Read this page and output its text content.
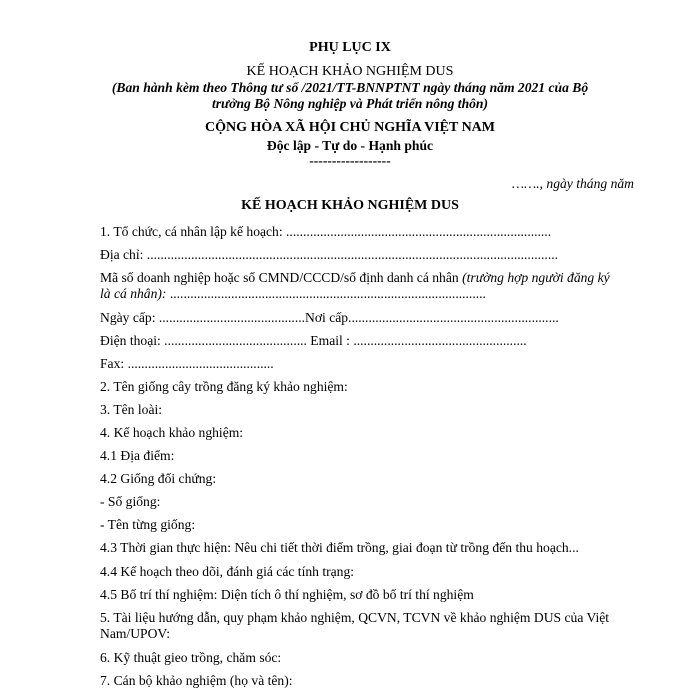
PHỤ LỤC IX
KẾ HOẠCH KHẢO NGHIỆM DUS
(Ban hành kèm theo Thông tư số /2021/TT-BNNPTNT ngày tháng năm 2021 của Bộ
trưởng Bộ Nông nghiệp và Phát triển nông thôn)
CỘNG HÒA XÃ HỘI CHỦ NGHĨA VIỆT NAM
Độc lập - Tự do - Hạnh phúc
------------------
……., ngày tháng năm
KẾ HOẠCH KHẢO NGHIỆM DUS
1. Tổ chức, cá nhân lập kế hoạch: ..............................................................................
Địa chỉ: .........................................................................................................................
Mã số doanh nghiệp hoặc số CMND/CCCD/số định danh cá nhân (trường hợp người đăng ký
là cá nhân): .............................................................................................
Ngày cấp: ...........................................Nơi cấp..............................................................
Điện thoại: .......................................... Email : ...................................................
Fax: ...........................................
2. Tên giống cây trồng đăng ký khảo nghiệm:
3. Tên loài:
4. Kế hoạch khảo nghiệm:
4.1 Địa điểm:
4.2 Giống đối chứng:
- Số giống:
- Tên từng giống:
4.3 Thời gian thực hiện: Nêu chi tiết thời điểm trồng, giai đoạn từ trồng đến thu hoạch...
4.4 Kế hoạch theo dõi, đánh giá các tính trạng:
4.5 Bố trí thí nghiệm: Diện tích ô thí nghiệm, sơ đồ bố trí thí nghiệm
5. Tài liệu hướng dẫn, quy phạm khảo nghiệm, QCVN, TCVN về khảo nghiệm DUS của Việt
Nam/UPOV:
6. Kỹ thuật gieo trồng, chăm sóc:
7. Cán bộ khảo nghiệm (họ và tên):
